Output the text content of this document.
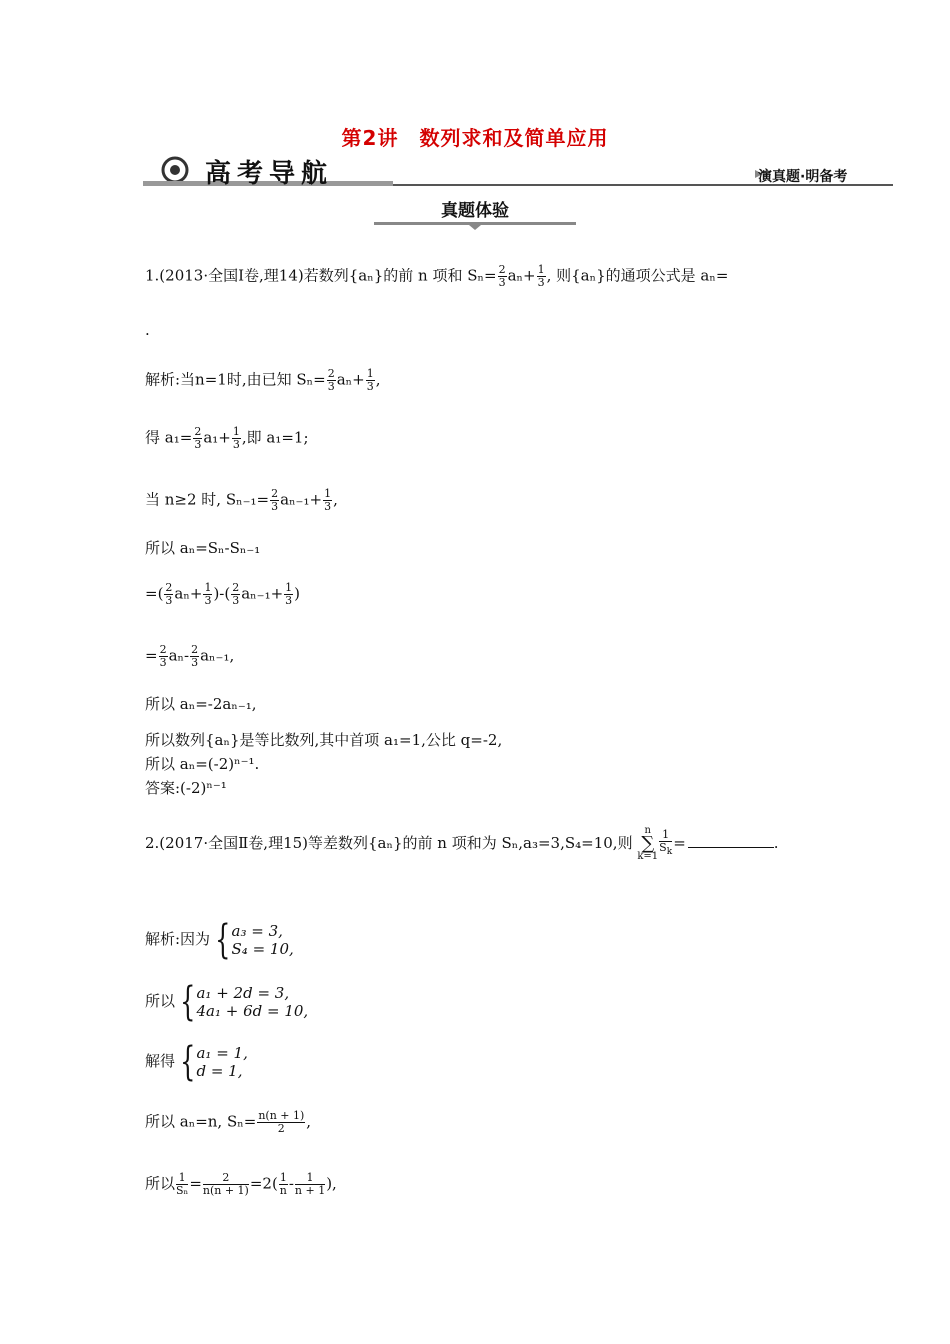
第2讲　数列求和及简单应用
高考导航	演真题·明备考
真题体验
1.(2013·全国Ⅰ卷,理14)若数列{aₙ}的前 n 项和 $S_n= \frac{2}{3} a_n+ \frac{1}{3}$ , 则{aₙ}的通项公式是 aₙ=
.
解析:当n=1时,由已知 $S_n= \frac{2}{3} a_n+ \frac{1}{3}$ ,
得 $a_1= \frac{2}{3} a_1+ \frac{1}{3}$ ,即 a₁=1;
当 n≥2 时, $S_{n-1}= \frac{2}{3} a_{n-1}+ \frac{1}{3}$ ,
所以 aₙ=Sₙ-Sₙ₋₁
=( $\frac{2}{3} a_n+ \frac{1}{3}$ )-( $\frac{2}{3} a_{n-1}+ \frac{1}{3}$ )
= $\frac{2}{3} a_n- \frac{2}{3} a_{n-1}$,
所以 aₙ=-2aₙ₋₁,
所以数列{aₙ}是等比数列,其中首项 a₁=1,公比 q=-2,
所以 aₙ=(-2)ⁿ⁻¹.
答案:(-2)ⁿ⁻¹
2.(2017·全国Ⅱ卷,理15)等差数列{aₙ}的前 n 项和为 Sₙ,a₃=3,S₄=10,则 n
∑
$k=1 \frac{1}{S_k}$ =	.
解析:因为 { a₃ = 3,
S₄ = 10,
所以 { a₁ + 2d = 3,
4a₁ + 6d = 10,
解得 { a₁ = 1,
d = 1,
所以 aₙ=n, $S_n= \frac{n(n + 1)}{2}$ ,
所以 $\frac{1}{\text{Sₙ}} = \frac{2}{n(n + 1)} =2( \frac{1}{n} - \frac{1}{n + 1}$ ),
